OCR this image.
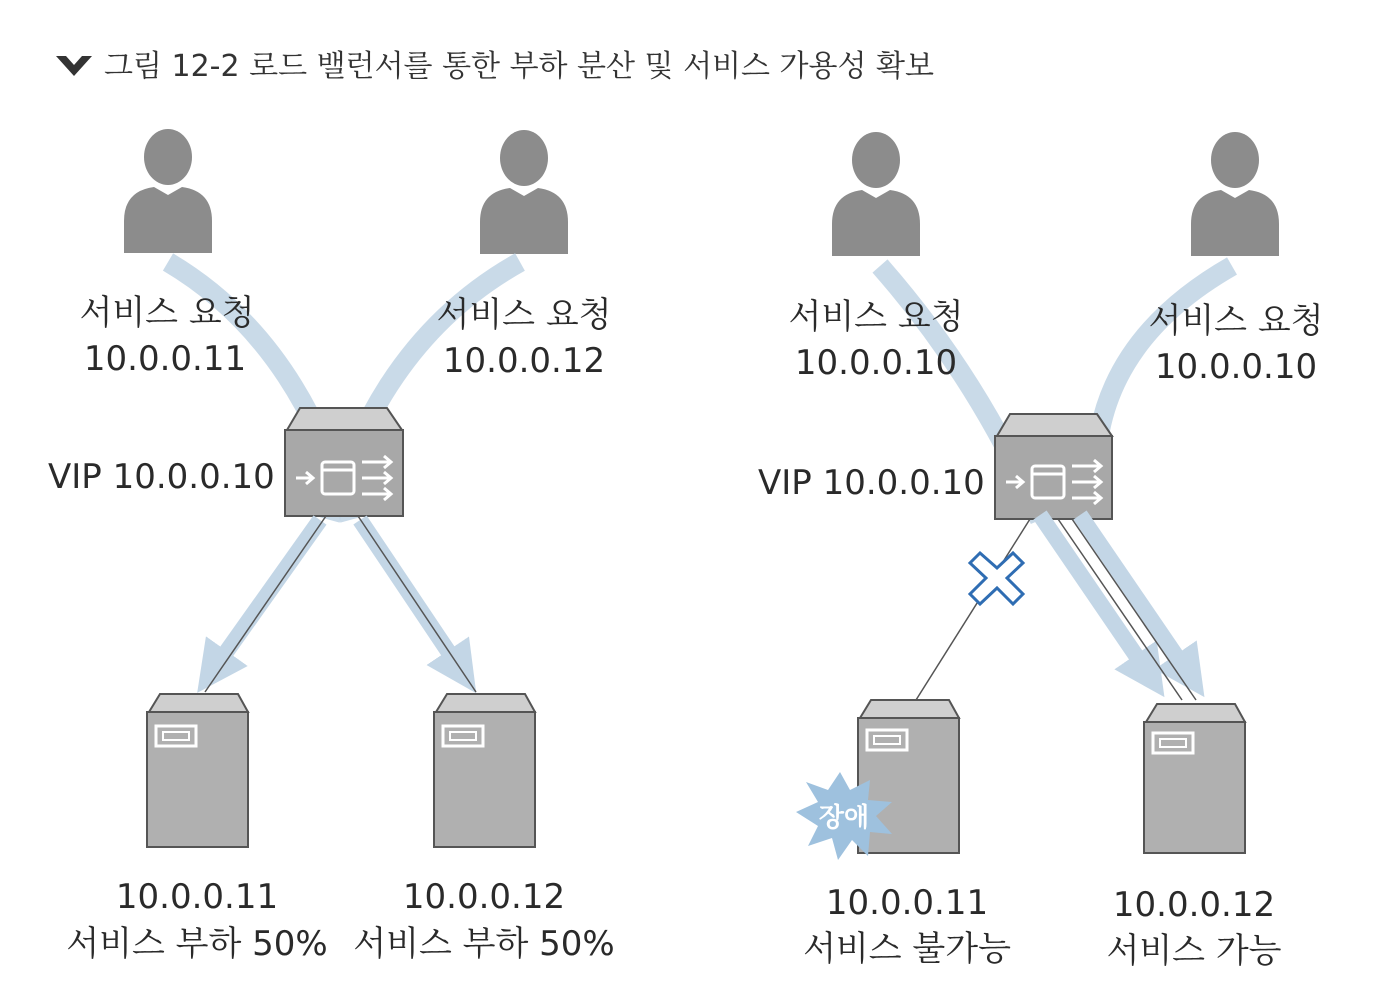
그림 12-2 로드 밸런서를 통한 부하 분산 및 서비스 가용성 확보
서비스 요청
10.0.0.11
서비스 요청
10.0.0.12
VIP 10.0.0.10
10.0.0.11
서비스 부하 50%
10.0.0.12
서비스 부하 50%
장애
서비스 요청
10.0.0.10
서비스 요청
10.0.0.10
VIP 10.0.0.10
10.0.0.11
서비스 불가능
10.0.0.12
서비스 가능
